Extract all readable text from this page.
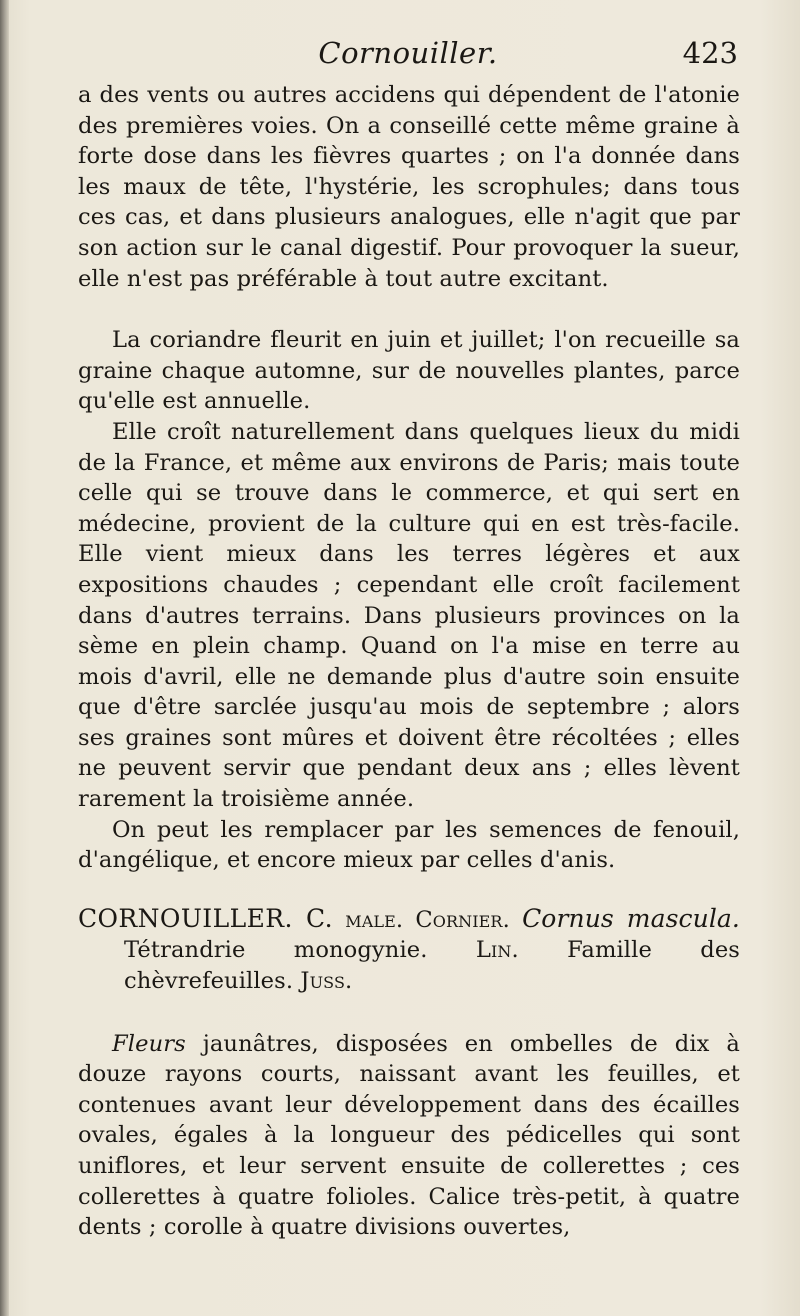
Cornouiller.	423

a des vents ou autres accidens qui dépendent de l'atonie des premières voies. On a conseillé cette même graine à forte dose dans les fièvres quartes ; on l'a donnée dans les maux de tête, l'hystérie, les scrophules; dans tous ces cas, et dans plusieurs analogues, elle n'agit que par son action sur le canal digestif. Pour provoquer la sueur, elle n'est pas préférable à tout autre excitant.

La coriandre fleurit en juin et juillet; l'on recueille sa graine chaque automne, sur de nouvelles plantes, parce qu'elle est annuelle.

Elle croît naturellement dans quelques lieux du midi de la France, et même aux environs de Paris; mais toute celle qui se trouve dans le commerce, et qui sert en médecine, provient de la culture qui en est très-facile. Elle vient mieux dans les terres légères et aux expositions chaudes ; cependant elle croît facilement dans d'autres terrains. Dans plusieurs provinces on la sème en plein champ. Quand on l'a mise en terre au mois d'avril, elle ne demande plus d'autre soin ensuite que d'être sarclée jusqu'au mois de septembre ; alors ses graines sont mûres et doivent être récoltées ; elles ne peuvent servir que pendant deux ans ; elles lèvent rarement la troisième année.

On peut les remplacer par les semences de fenouil, d'angélique, et encore mieux par celles d'anis.

CORNOUILLER. C. male. Cornier. Cornus mascula. Tétrandrie monogynie. Lin. Famille des chèvrefeuilles. Juss.

Fleurs jaunâtres, disposées en ombelles de dix à douze rayons courts, naissant avant les feuilles, et contenues avant leur développement dans des écailles ovales, égales à la longueur des pédicelles qui sont uniflores, et leur servent ensuite de collerettes ; ces collerettes à quatre folioles. Calice très-petit, à quatre dents ; corolle à quatre divisions ouvertes,
